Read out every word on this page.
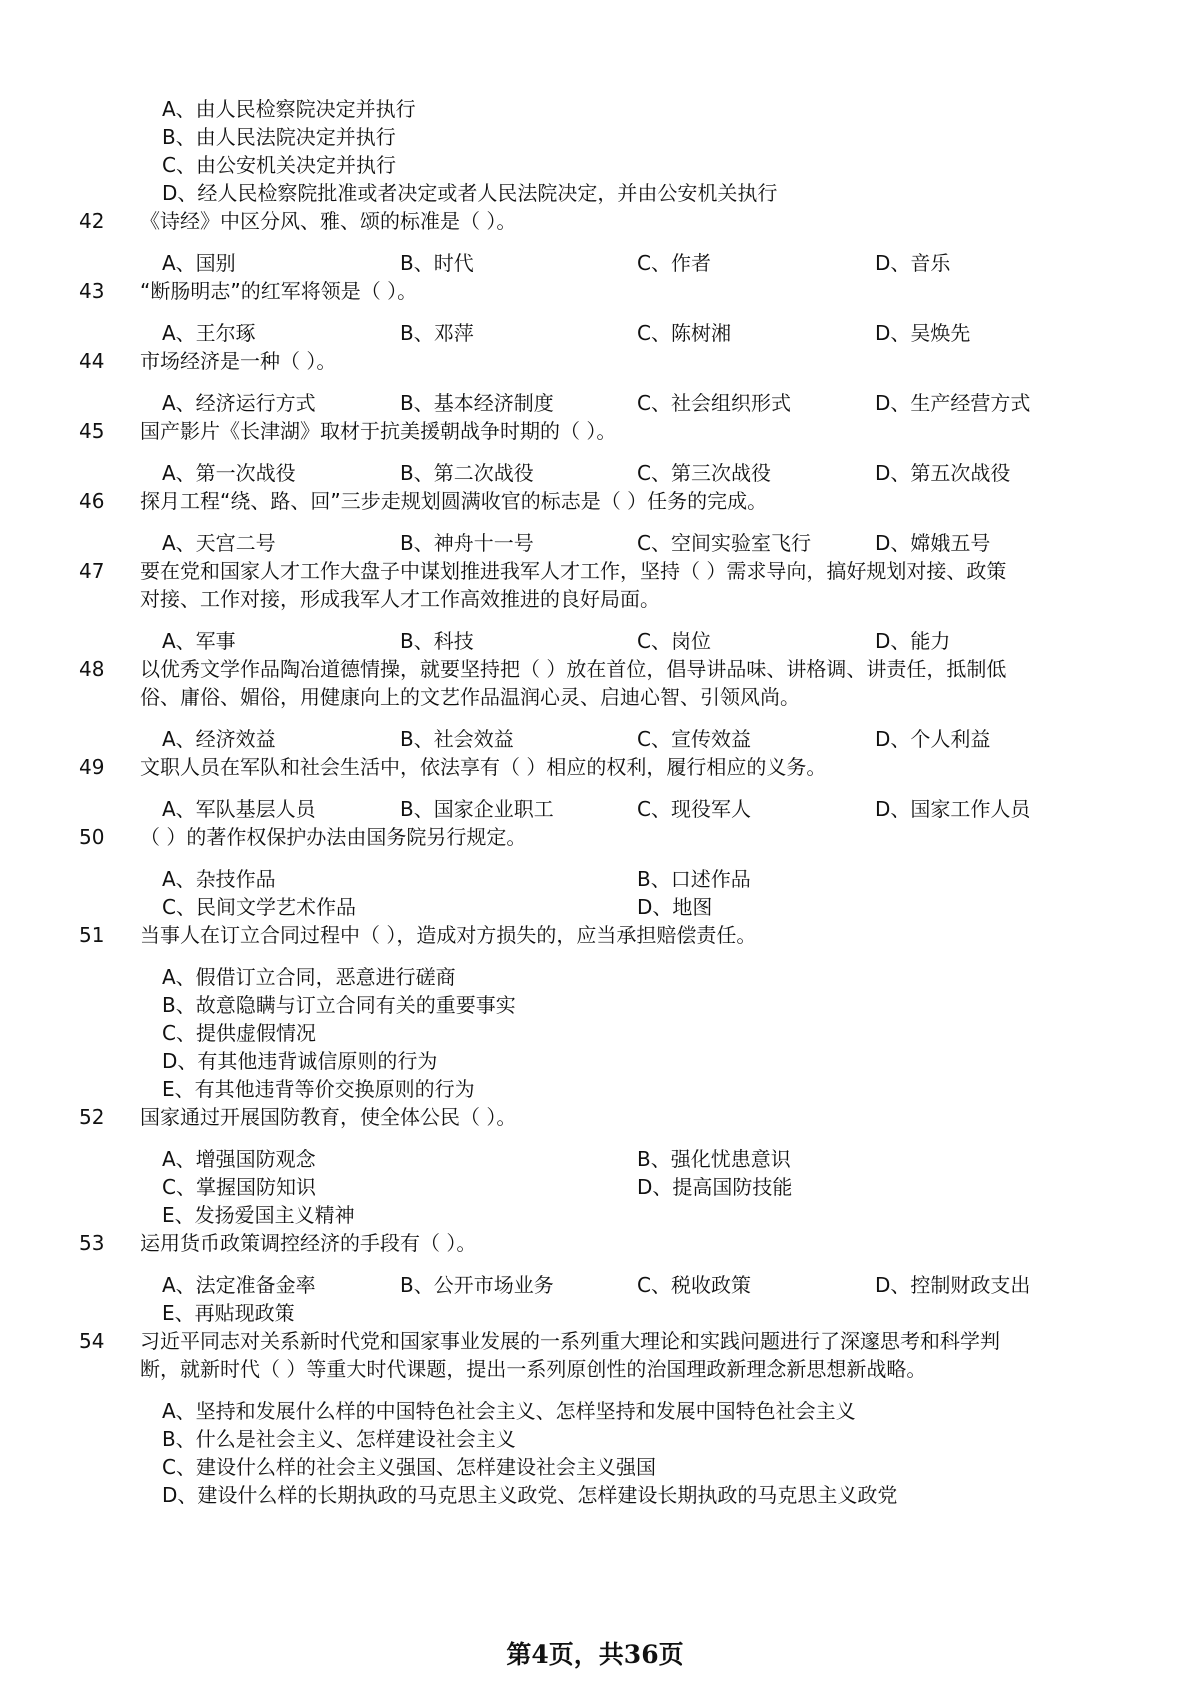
A、由人民检察院决定并执行
B、由人民法院决定并执行
C、由公安机关决定并执行
D、经人民检察院批准或者决定或者人民法院决定，并由公安机关执行
42 《诗经》中区分风、雅、颂的标准是（ ）。
A、国别	B、时代	C、作者	D、音乐
43 “断肠明志”的红军将领是（ ）。
A、王尔琢	B、邓萍	C、陈树湘	D、吴焕先
44 市场经济是一种（ ）。
A、经济运行方式	B、基本经济制度	C、社会组织形式	D、生产经营方式
45 国产影片《长津湖》取材于抗美援朝战争时期的（ ）。
A、第一次战役	B、第二次战役	C、第三次战役	D、第五次战役
46 探月工程“绕、路、回”三步走规划圆满收官的标志是（ ）任务的完成。
A、天宫二号	B、神舟十一号	C、空间实验室飞行	D、嫦娥五号
47 要在党和国家人才工作大盘子中谋划推进我军人才工作，坚持（ ）需求导向，搞好规划对接、政策
对接、工作对接，形成我军人才工作高效推进的良好局面。
A、军事	B、科技	C、岗位	D、能力
48 以优秀文学作品陶冶道德情操，就要坚持把（ ）放在首位，倡导讲品味、讲格调、讲责任，抵制低
俗、庸俗、媚俗，用健康向上的文艺作品温润心灵、启迪心智、引领风尚。
A、经济效益	B、社会效益	C、宣传效益	D、个人利益
49 文职人员在军队和社会生活中，依法享有（ ）相应的权利，履行相应的义务。
A、军队基层人员	B、国家企业职工	C、现役军人	D、国家工作人员
50 （ ）的著作权保护办法由国务院另行规定。
A、杂技作品	B、口述作品
C、民间文学艺术作品	D、地图
51 当事人在订立合同过程中（ ），造成对方损失的，应当承担赔偿责任。
A、假借订立合同，恶意进行磋商
B、故意隐瞒与订立合同有关的重要事实
C、提供虚假情况
D、有其他违背诚信原则的行为
E、有其他违背等价交换原则的行为
52 国家通过开展国防教育，使全体公民（ ）。
A、增强国防观念	B、强化忧患意识
C、掌握国防知识	D、提高国防技能
E、发扬爱国主义精神
53 运用货币政策调控经济的手段有（ ）。
A、法定准备金率	B、公开市场业务	C、税收政策	D、控制财政支出
E、再贴现政策
54 习近平同志对关系新时代党和国家事业发展的一系列重大理论和实践问题进行了深邃思考和科学判
断，就新时代（ ）等重大时代课题，提出一系列原创性的治国理政新理念新思想新战略。
A、坚持和发展什么样的中国特色社会主义、怎样坚持和发展中国特色社会主义
B、什么是社会主义、怎样建设社会主义
C、建设什么样的社会主义强国、怎样建设社会主义强国
D、建设什么样的长期执政的马克思主义政党、怎样建设长期执政的马克思主义政党
第4页，共36页
